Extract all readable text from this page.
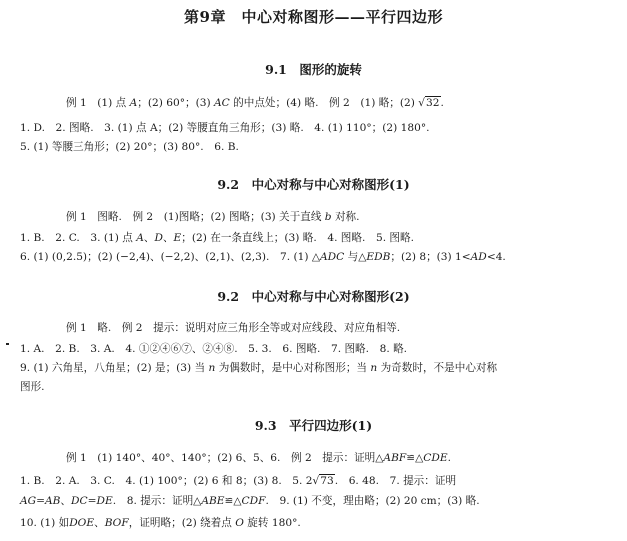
第9章　中心对称图形——平行四边形
9.1　图形的旋转
例 1　(1) 点 A；(2) 60°；(3) AC 的中点处；(4) 略.　例 2　(1) 略；(2) √32.
1. D.　2. 图略.　3. (1) 点 A；(2) 等腰直角三角形；(3) 略.　4. (1) 110°；(2) 180°.
5. (1) 等腰三角形；(2) 20°；(3) 80°.　6. B.
9.2　中心对称与中心对称图形(1)
例 1　图略.　例 2　(1)图略；(2) 图略；(3) 关于直线 b 对称.
1. B.　2. C.　3. (1) 点 A、D、E；(2) 在一条直线上；(3) 略.　4. 图略.　5. 图略.
6. (1) (0,2.5)；(2) (−2,4)、(−2,2)、(2,1)、(2,3).　7. (1) △ADC 与△EDB；(2) 8；(3) 1<AD<4.
9.2　中心对称与中心对称图形(2)
例 1　略.　例 2　提示：说明对应三角形全等或对应线段、对应角相等.
1. A.　2. B.　3. A.　4. ①②④⑥⑦、②④⑧.　5. 3.　6. 图略.　7. 图略.　8. 略.
9. (1) 六角星，八角星；(2) 是；(3) 当 n 为偶数时，是中心对称图形；当 n 为奇数时，不是中心对称
图形.
9.3　平行四边形(1)
例 1　(1) 140°、40°、140°；(2) 6、5、6.　例 2　提示：证明△ABF≌△CDE.
1. B.　2. A.　3. C.　4. (1) 100°；(2) 6 和 8；(3) 8.　5. 2√73.　6. 48.　7. 提示：证明
AG=AB、DC=DE.　8. 提示：证明△ABE≌△CDF.　9. (1) 不变，理由略；(2) 20 cm；(3) 略.
10. (1) 如DOE、BOF，证明略；(2) 绕着点 O 旋转 180°.
